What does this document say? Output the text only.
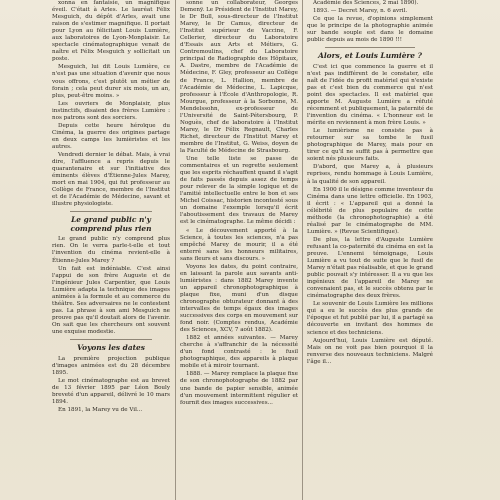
xonna en fantaisie, un magnifique éveil. C'était à Arles. Le lauréat Félix Mesguich, du dépôt d'Arles, avait une raison de s'estimer magnifique. Il portait pour Lyon au félicitant Louis Lumière, aux laboratoires de Lyon-Monplaisir. Le spectacle cinématographique venait de naître et Félix Mesguich y sollicitait un poste.

Mesguich, lui dit Louis Lumière, ce n'est pas une situation d'avenir que nous vous offrons, c'est plutôt un métier de forain ; cela peut durer six mois, un an, plus, peut-être moins. »

Les ouvriers de Monplaisir, plus instinctifs, disaient des frères Lumière : nos patrons sont des sorciers.

Depuis cette heure héroïque du Cinéma, la guerre des origines partage en deux camps les lumièristes et les autres.

Vendredi dernier le débat. Mais, à vrai dire, l'affluence a repris depuis le quarantenaire et sur l'initiative des éminents élèves d'Étienne-Jules Marey, mort en mai 1904, qui fut professeur au Collège de France, membre de l'Institut et de l'Académie de Médecine, savant et illustre physiologiste.

Le grand public n'y comprend plus rien

Le grand public n'y comprend plus rien. On le verra parle-t-elle et tout l'invention du cinéma revient-elle à Étienne-Jules Marey ?

Un fait est indéniable. C'est ainsi l'appui de son frère Auguste et de l'ingénieur Jules Carpentier, que Louis Lumière adapta la technique des images animées à la formule et au commerce du théâtre. Ses adversaires ne le contestent pas. La phrase à son ami Mesguich ne prouve pas qu'il doutait alors de l'avenir. On sait que les chercheurs ont souvent une exquise modestie.

Voyons les dates

La première projection publique d'images animées est du 28 décembre 1895.

Le mot cinématographe est au brevet de 13 février 1895 par Léon Bouly breveté d'un appareil, délivré le 10 mars 1894.

En 1891, la Marey vu de Vil...

sonne un collaborateur, Georges Demenÿ. Le Président de l'Institut Marey, le Dr Bull, sous-directeur de l'Institut Marey, le Dr Camus, directeur de l'Institut supérieur de Vaccine, F. Cellerier, directeur du Laboratoire d'Essais aux Arts et Métiers, G. Contremoulins, chef du Laboratoire principal de Radiographie des Hôpitaux, A. Dastre, membre de l'Académie de Médecine, F. Gley, professeur au Collège de France, L. Hallion, membre de l'Académie de Médecine, L. Lapicque, professeur à l'École d'Anthropologie, R. Mourgue, professeur à la Sorbonne, M. Mendelssohn, ex-professeur de l'Université de Saint-Pétersbourg, P. Noguès, chef de laboratoire à l'Institut Marey, le Dr Félix Regnault, Charles Richet, directeur de l'Institut Marey et membre de l'Institut, G. Weiss, doyen de la Faculté de Médecine de Strasbourg.

Une telle liste se passe de commentaires et un regrette seulement que les esprits réchauffent quand il s'agit de faits passés depuis assez de temps pour relever de la simple logique et de l'amitié intellectuelle entre le bon et ses Michel Coissac, historien incontesté sous un domaine l'exemple lorsqu'il écrit l'aboutissement des travaux de Marey est le cinématographe. Le même décidi :

« Le découvement apporté à la Science, à toutes les sciences, n'a pas empêché Marey de mourir, il a été enterré sans les honneurs militaires, sans fleurs et sans discours. »

Voyons les dates, du point contraire, en laissant la parole aux savants anti-lumièristes : dans 1882 Marey invente un appareil chronophotographique à plaque fixe, muni d'un disque chronographe obturateur donnant à des intervalles de temps égaux des images successives des corps en mouvement sur fond noir. (Comptes rendus, Académie des Sciences, XCV, 7 août 1882).

1882 et années suivantes. — Marey cherche à s'affranchir de la nécessité d'un fond contrasté : le fusil photographique, des appareils à plaque mobile et à miroir tournant.

1888. — Marey remplace la plaque fixe de son chronophotographe de 1882 par une bande de papier sensible, animée d'un mouvement intermittent régulier et fournit des images successives...

Académie des Sciences, 2 mai 1890).

1893. — Decret Marey, n. 6 avril.

Ce que la revue, d'opinions simplement que le principe de la photographie animée sur bande souple est dans le domaine public depuis au mois de 1890 !!!

Alors, et Louis Lumière ?

C'est ici que commence la guerre et il n'est pas indifférent de le constater, elle naît de l'idée du profit matériel qui n'existe pas et c'est bien du commerce qui n'est point des spectacles. Il est matériel que apporte M. Auguste Lumière a réfuté récemment et publiquement, la paternité de l'invention du cinéma. « L'honneur est le mérite en reviennent à mon frère Louis. »

Le lumièrisme ne consiste pas à retourner sur sa tombe le fusil photographique de Marey, mais pour en tirer ce qu'il ne suffit pas à permettre que soient nés plusieurs faits.

D'abord, que Marey a, à plusieurs reprises, rendu hommage à Louis Lumière, à la qualité de son appareil.

En 1900 il le désigne comme inventeur du Cinéma dans une lettre officielle. En 1903, il écrit : « L'appareil qui a donné la célébrité de plus populaire de cette méthode (la chronophotographie) a été réalisé par le cinématographe de MM. Lumière. » (Revue Scientifique).

De plus, la lettre d'Auguste Lumière refusant la co-paternité du cinéma en est la preuve. L'ennemi témoignage, Louis Lumière a vu tout de suite que le fusil de Marey n'était pas réalisable, et que le grand public pouvait s'y intéresser. Il a vu que les ingénieux de l'appareil de Marey ne convenaient pas, et le succès obtenu par le cinématographe des deux frères.

Le souvenir de Louis Lumière les millions qui a eu le succès des plus grands de l'époque et fut publié par lui, il a partagé sa découverte en invitant des hommes de science et des techniciens.

Aujourd'hui, Louis Lumière est député. Mais on ne voit pas bien pourquoi il la renverse des nouveaux techniciens. Malgré l'âge il...
